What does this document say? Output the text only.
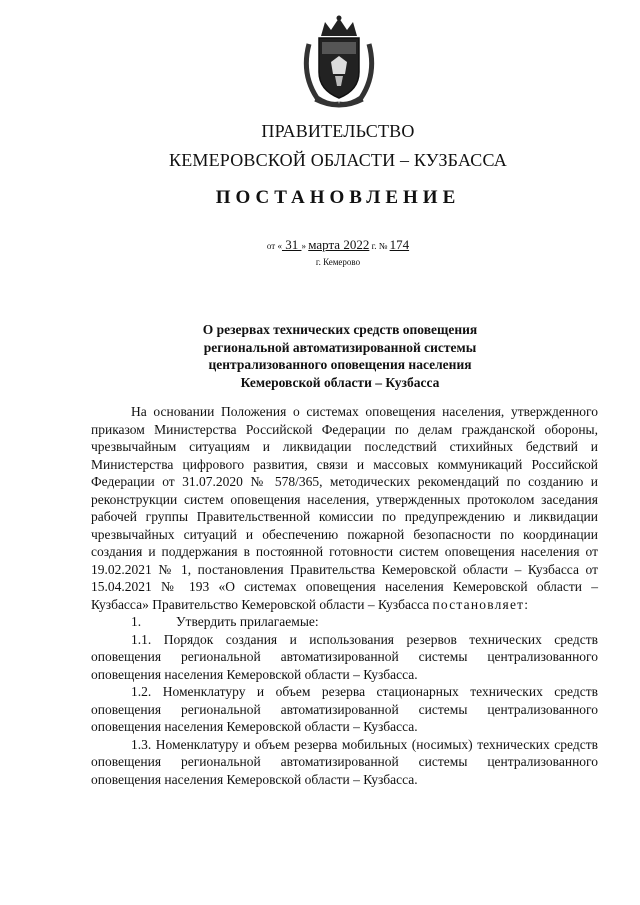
ПРАВИТЕЛЬСТВО
КЕМЕРОВСКОЙ ОБЛАСТИ – КУЗБАССА
ПОСТАНОВЛЕНИЕ
от « 31 » марта 2022 г. № 174
г. Кемерово
О резервах технических средств оповещения региональной автоматизированной системы централизованного оповещения населения Кемеровской области – Кузбасса

На основании Положения о системах оповещения населения, утвержденного приказом Министерства Российской Федерации по делам гражданской обороны, чрезвычайным ситуациям и ликвидации последствий стихийных бедствий и Министерства цифрового развития, связи и массовых коммуникаций Российской Федерации от 31.07.2020 № 578/365, методических рекомендаций по созданию и реконструкции систем оповещения населения, утвержденных протоколом заседания рабочей группы Правительственной комиссии по предупреждению и ликвидации чрезвычайных ситуаций и обеспечению пожарной безопасности по координации создания и поддержания в постоянной готовности систем оповещения населения от 19.02.2021 № 1, постановления Правительства Кемеровской области – Кузбасса от 15.04.2021 № 193 «О системах оповещения населения Кемеровской области – Кузбасса» Правительство Кемеровской области – Кузбасса постановляет:

1.	Утвердить прилагаемые:

1.1. Порядок создания и использования резервов технических средств оповещения региональной автоматизированной системы централизованного оповещения населения Кемеровской области – Кузбасса.

1.2. Номенклатуру и объем резерва стационарных технических средств оповещения региональной автоматизированной системы централизованного оповещения населения Кемеровской области – Кузбасса.

1.3. Номенклатуру и объем резерва мобильных (носимых) технических средств оповещения региональной автоматизированной системы централизованного оповещения населения Кемеровской области – Кузбасса.
